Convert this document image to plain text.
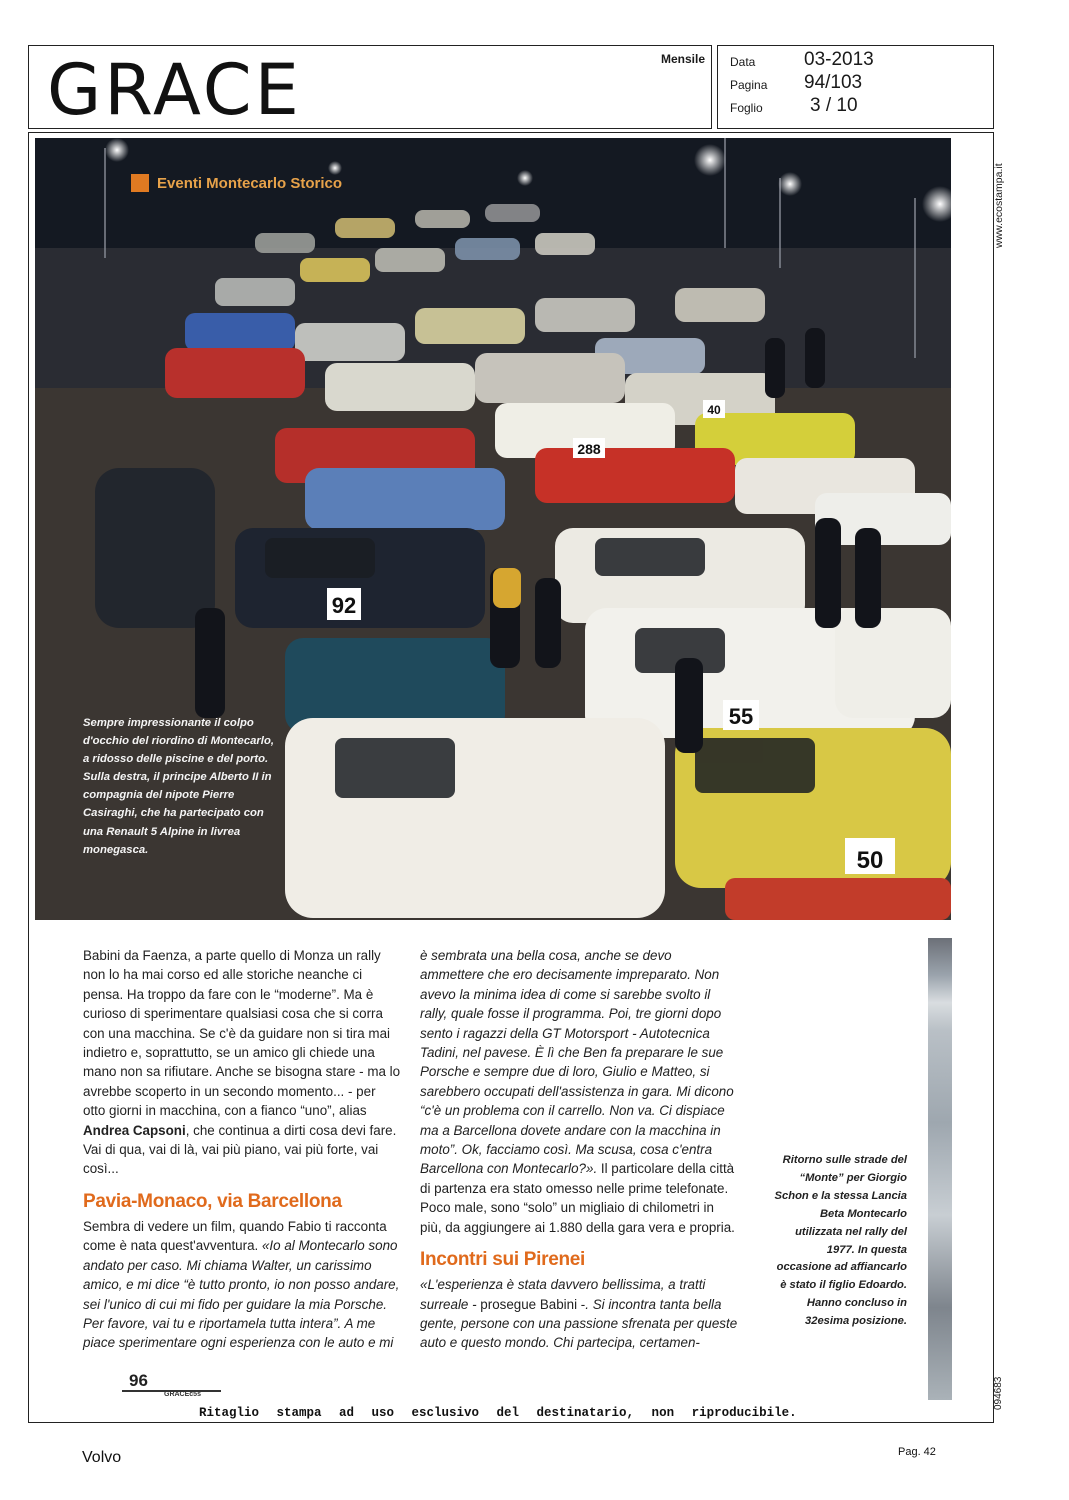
GRACE	Mensile Data	03-2013
Pagina 94/103
Foglio 3 / 10
www.ecostampa.it
094683
92
55
50
288
40
Eventi Montecarlo Storico
Sempre impressionante il colpo d'occhio del riordino di Montecarlo, a ridosso delle piscine e del porto. Sulla destra, il principe Alberto II in compagnia del nipote Pierre Casiraghi, che ha partecipato con una Renault 5 Alpine in livrea monegasca.

Babini da Faenza, a parte quello di Monza un rally non lo ha mai corso ed alle storiche neanche ci pensa. Ha troppo da fare con le “moderne”. Ma è curioso di sperimentare qualsiasi cosa che si corra con una macchina. Se c'è da guidare non si tira mai indietro e, soprattutto, se un amico gli chiede una mano non sa rifiutare. Anche se bisogna stare - ma lo avrebbe scoperto in un secondo momento... - per otto giorni in macchina, con a fianco “uno”, alias Andrea Capsoni, che continua a dirti cosa devi fare. Vai di qua, vai di là, vai più piano, vai più forte, vai così...

Pavia-Monaco, via Barcellona

Sembra di vedere un film, quando Fabio ti racconta come è nata quest'avventura. «Io al Montecarlo sono andato per caso. Mi chiama Walter, un carissimo amico, e mi dice “è tutto pronto, io non posso andare, sei l'unico di cui mi fido per guidare la mia Porsche. Per favore, vai tu e riportamela tutta intera”. A me piace sperimentare ogni esperienza con le auto e mi

è sembrata una bella cosa, anche se devo ammettere che ero decisamente impreparato. Non avevo la minima idea di come si sarebbe svolto il rally, quale fosse il programma. Poi, tre giorni dopo sento i ragazzi della GT Motorsport - Autotecnica Tadini, nel pavese. È lì che Ben fa preparare le sue Porsche e sempre due di loro, Giulio e Matteo, si sarebbero occupati dell'assistenza in gara. Mi dicono “c'è un problema con il carrello. Non va. Ci dispiace ma a Barcellona dovete andare con la macchina in moto”. Ok, facciamo così. Ma scusa, cosa c'entra Barcellona con Montecarlo?». Il particolare della città di partenza era stato omesso nelle prime telefonate. Poco male, sono “solo” un migliaio di chilometri in più, da aggiungere ai 1.880 della gara vera e propria.

Incontri sui Pirenei

«L'esperienza è stata davvero bellissima, a tratti surreale - prosegue Babini -. Si incontra tanta bella gente, persone con una passione sfrenata per queste auto e questo mondo. Chi partecipa, certamen-

Ritorno sulle strade del “Monte” per Giorgio Schon e la stessa Lancia Beta Montecarlo utilizzata nel rally del 1977. In questa occasione ad affiancarlo è stato il figlio Edoardo. Hanno concluso in 32esima posizione.
96
GRACEc5s
Ritaglio stampa ad uso esclusivo del destinatario, non riproducibile.
Volvo	Pag. 42
